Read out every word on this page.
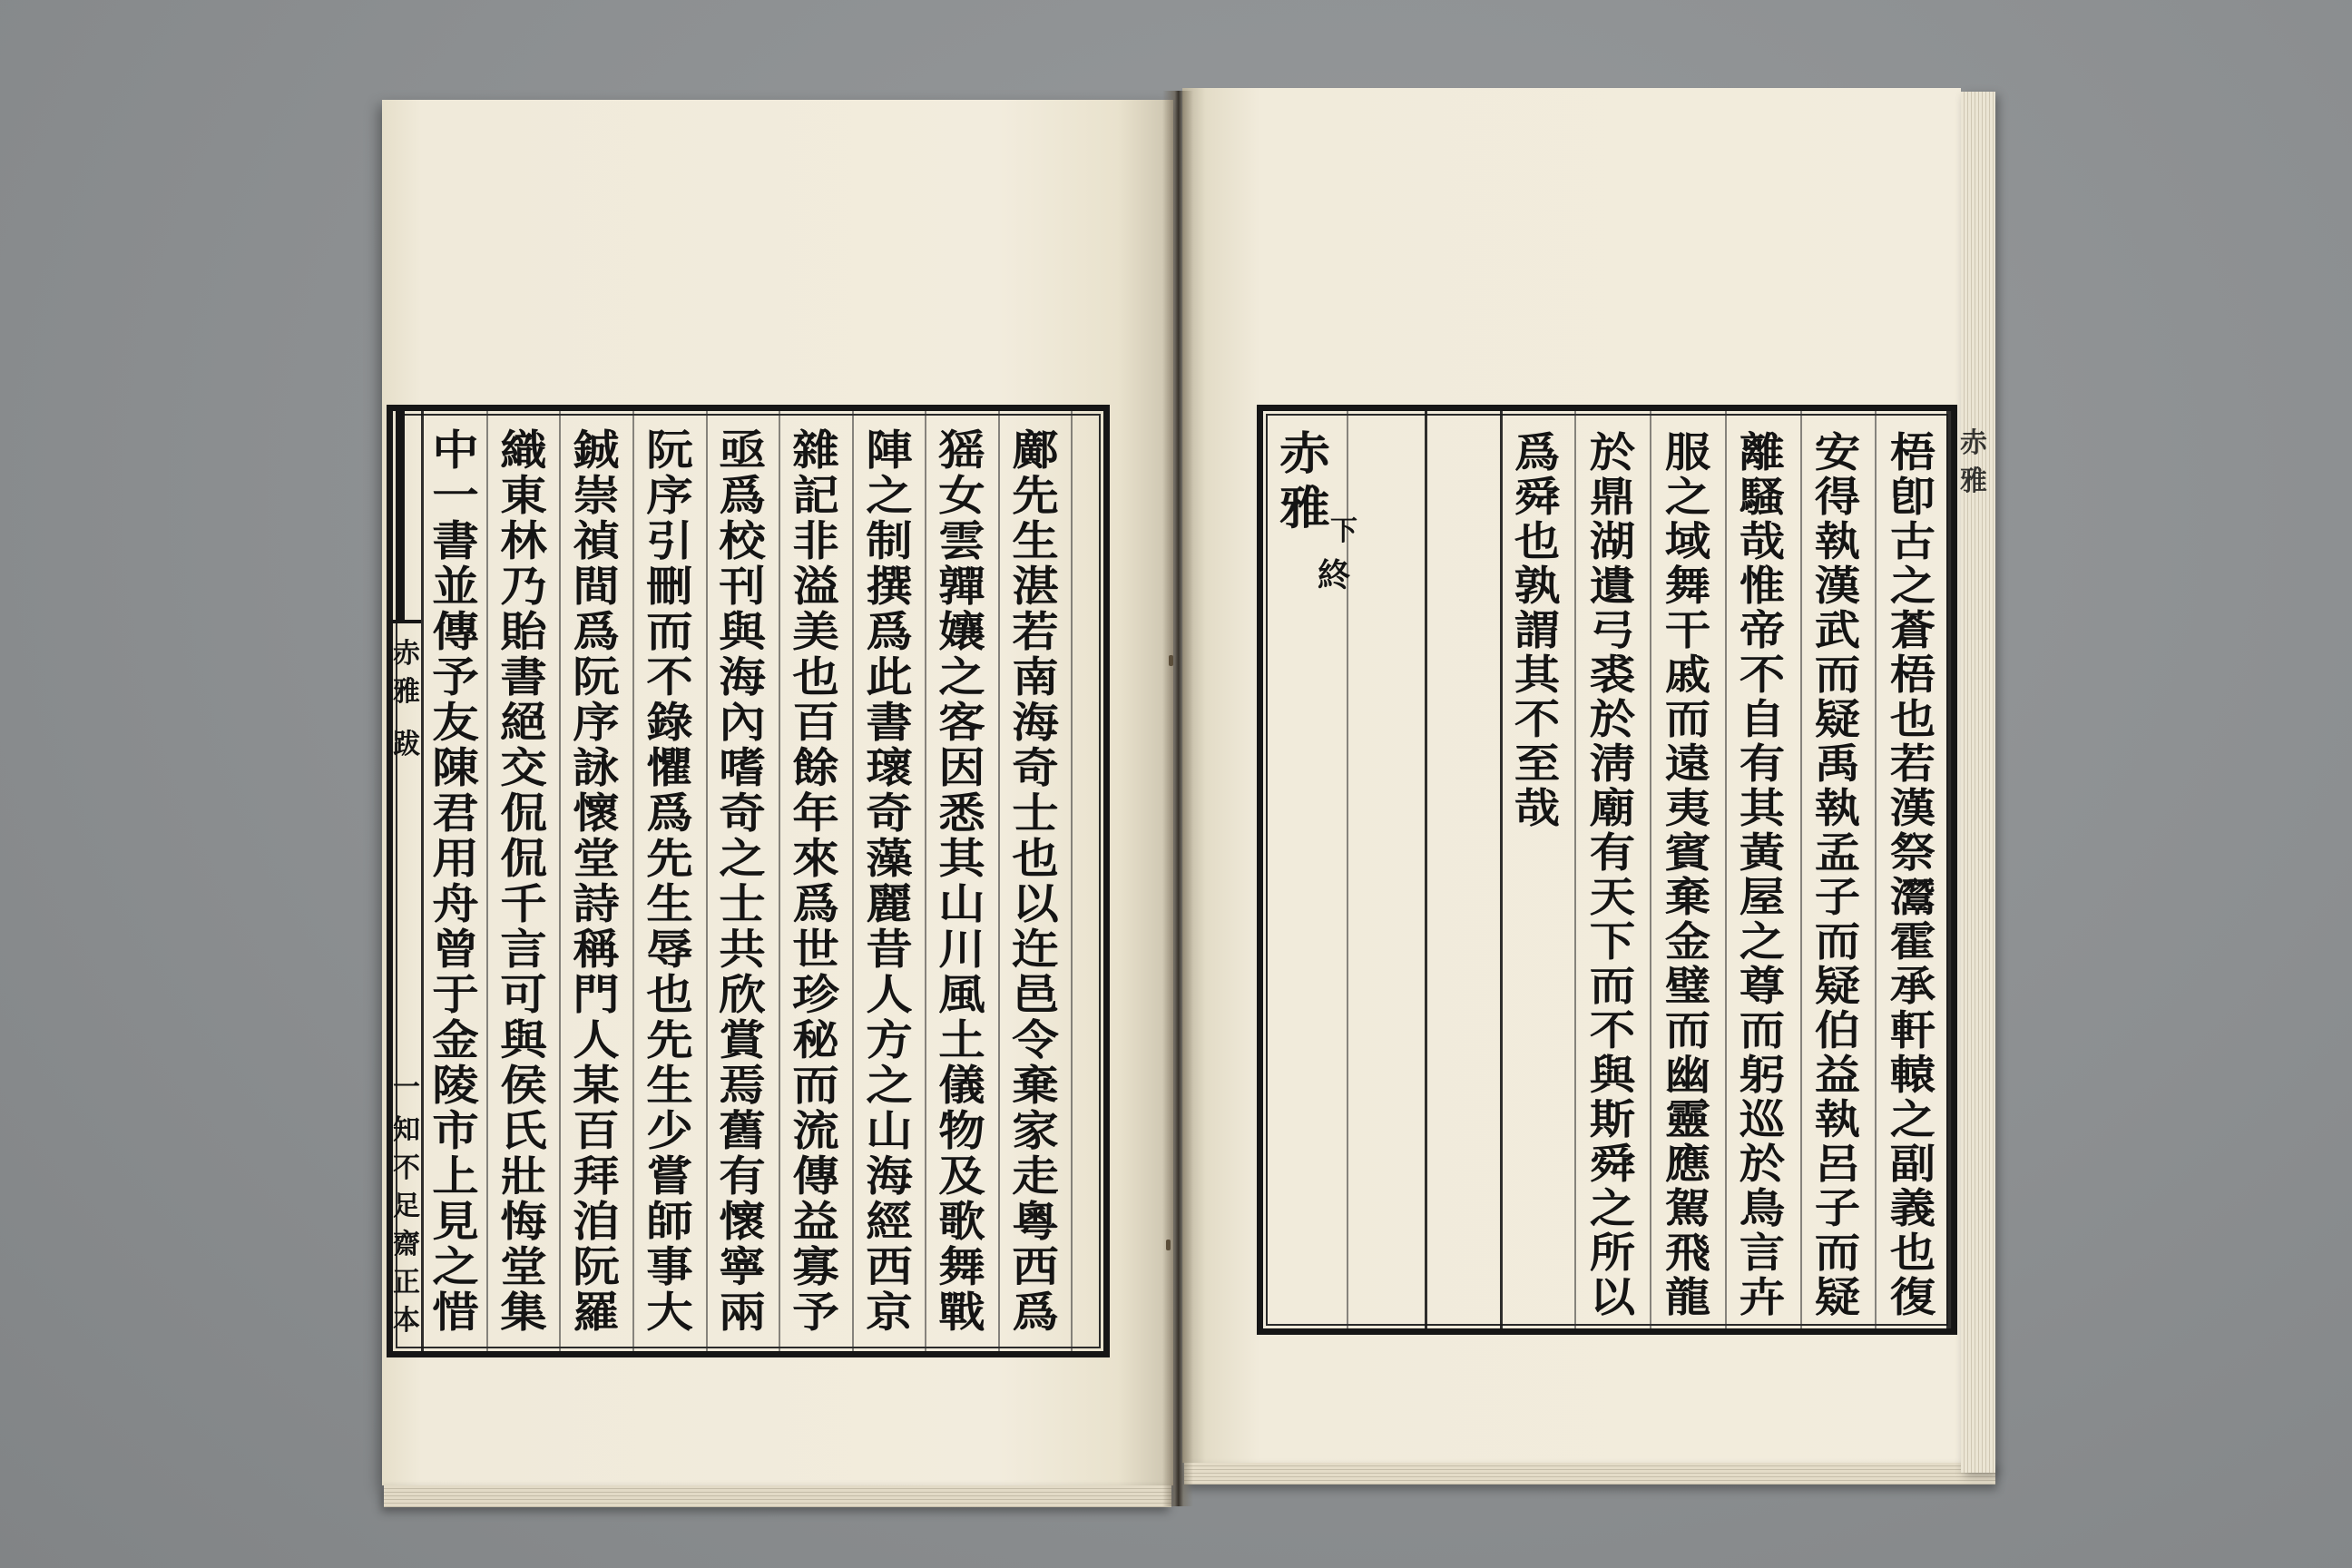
赤
雅
跋
一
知
不
足
齋
正
本
鄺
先
生
湛
若
南
海
奇
士
也
以
迕
邑
令
棄
家
走
粵
西
爲
猺
女
雲
嚲
孃
之
客
因
悉
其
山
川
風
土
儀
物
及
歌
舞
戰
陣
之
制
撰
爲
此
書
瓌
奇
藻
麗
昔
人
方
之
山
海
經
西
京
雜
記
非
溢
美
也
百
餘
年
來
爲
世
珍
秘
而
流
傳
益
寡
予
亟
爲
校
刊
與
海
內
嗜
奇
之
士
共
欣
賞
焉
舊
有
懷
寧
兩
阮
序
引
刪
而
不
錄
懼
爲
先
生
辱
也
先
生
少
嘗
師
事
大
鋮
崇
禎
間
爲
阮
序
詠
懷
堂
詩
稱
門
人
某
百
拜
洎
阮
羅
織
東
林
乃
貽
書
絕
交
侃
侃
千
言
可
與
侯
氏
壯
悔
堂
集
中
一
書
並
傳
予
友
陳
君
用
舟
曾
于
金
陵
市
上
見
之
惜
梧
卽
古
之
蒼
梧
也
若
漢
祭
灊
霍
承
軒
轅
之
副
義
也
復
安
得
執
漢
武
而
疑
禹
執
孟
子
而
疑
伯
益
執
呂
子
而
疑
離
騷
哉
惟
帝
不
自
有
其
黃
屋
之
尊
而
躬
巡
於
鳥
言
卉
服
之
域
舞
干
戚
而
遠
夷
賓
棄
金
璧
而
幽
靈
應
駕
飛
龍
於
鼎
湖
遺
弓
裘
於
淸
廟
有
天
下
而
不
與
斯
舜
之
所
以
爲
舜
也
孰
謂
其
不
至
哉
赤
雅 下
終
赤
雅
